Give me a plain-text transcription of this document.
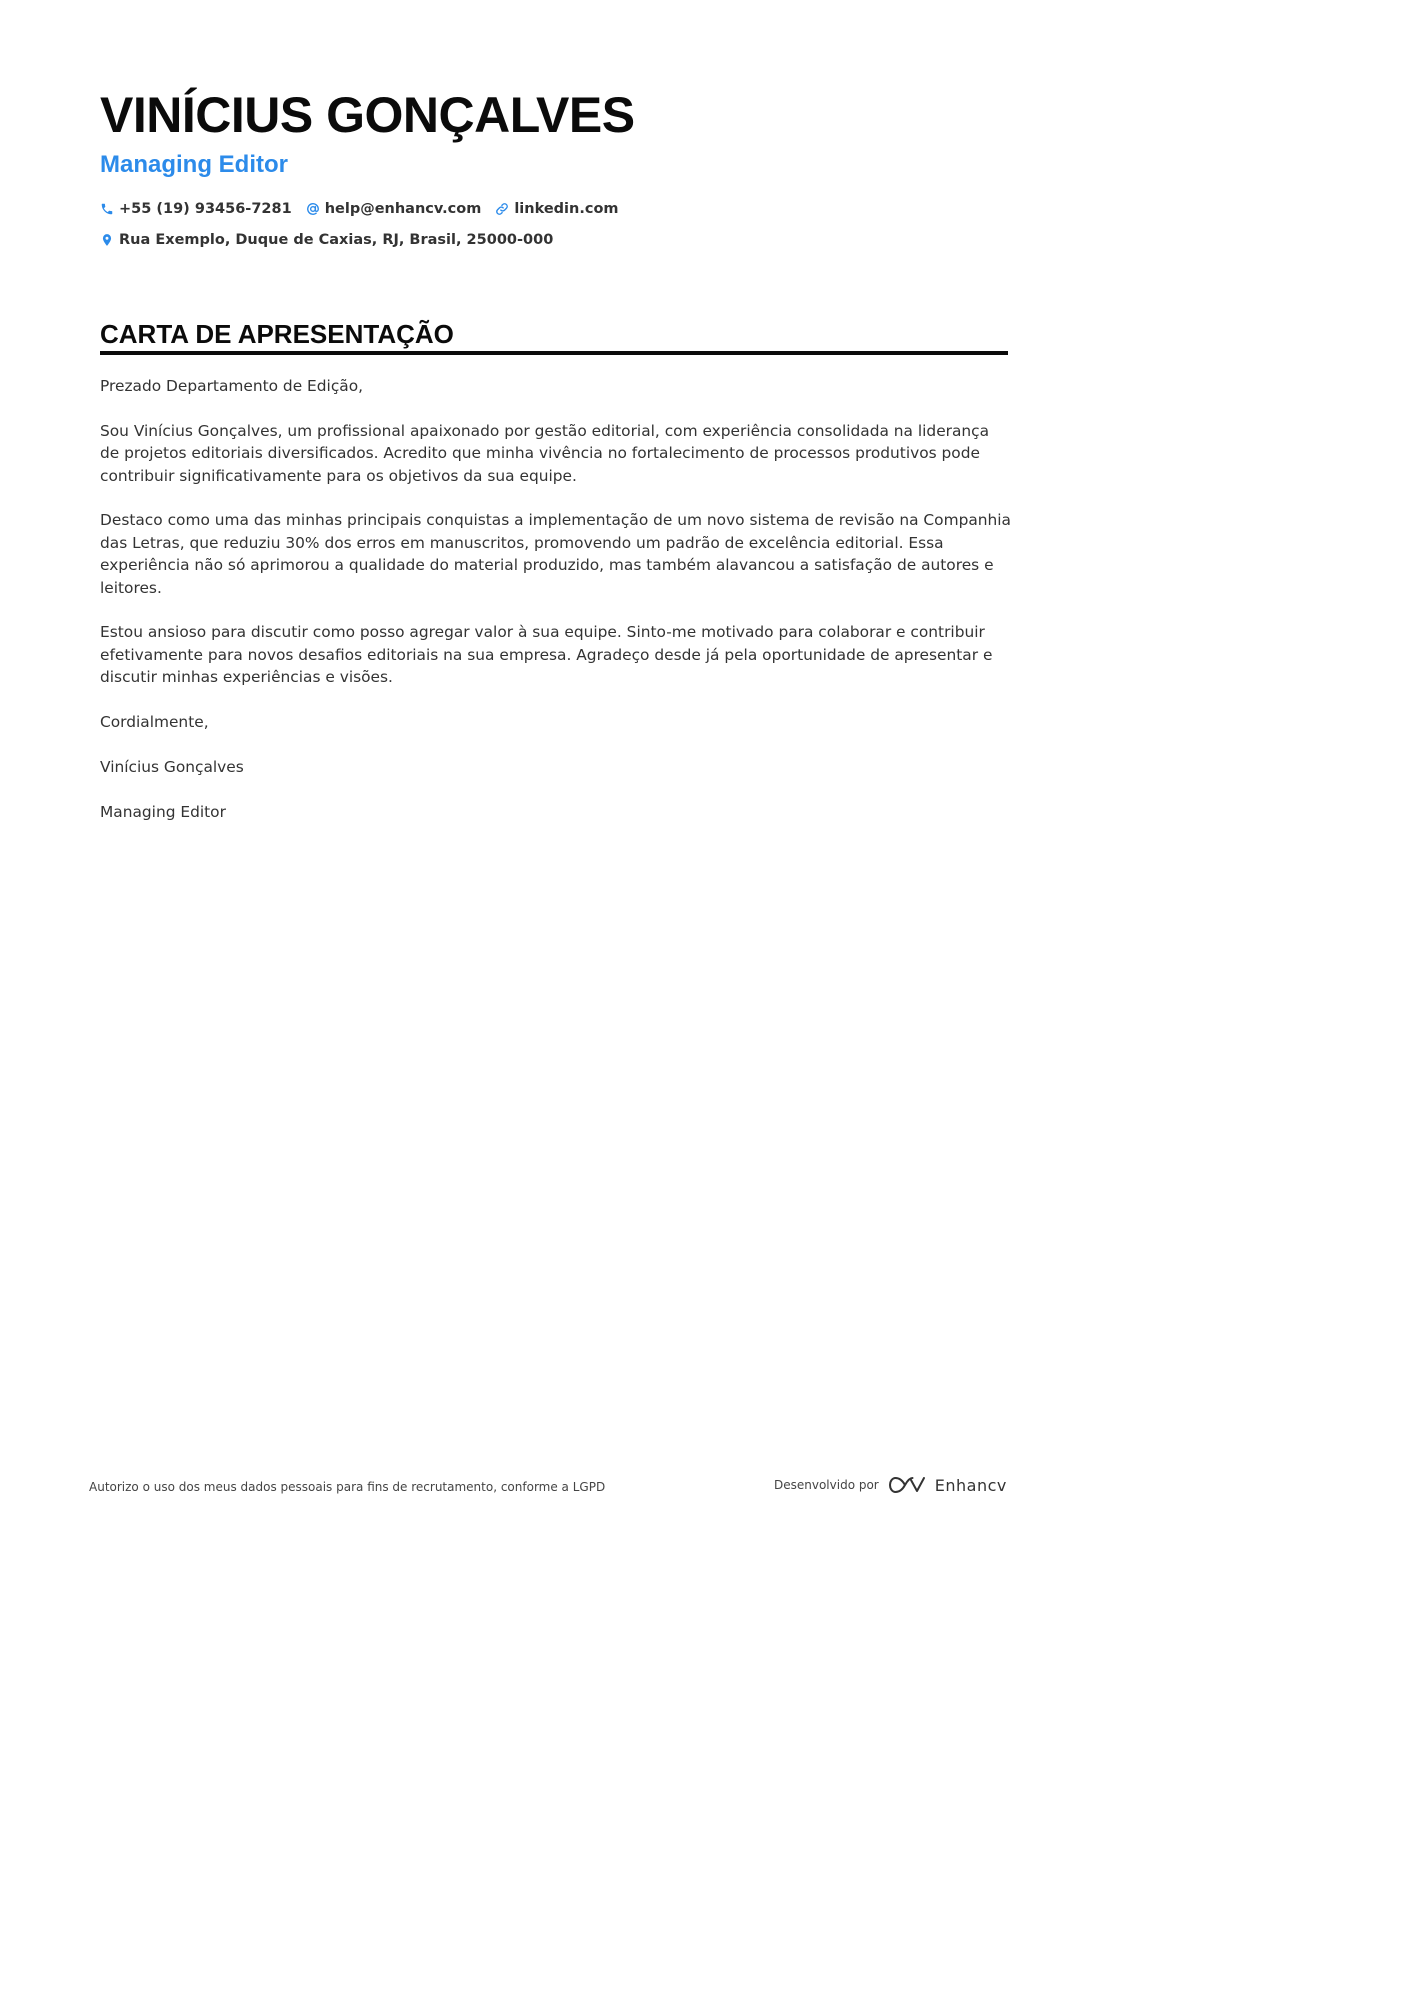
VINÍCIUS GONÇALVES
Managing Editor
+55 (19) 93456-7281 help@enhancv.com linkedin.com
Rua Exemplo, Duque de Caxias, RJ, Brasil, 25000-000
CARTA DE APRESENTAÇÃO

Prezado Departamento de Edição,

Sou Vinícius Gonçalves, um profissional apaixonado por gestão editorial, com experiência consolidada na liderança de projetos editoriais diversificados. Acredito que minha vivência no fortalecimento de processos produtivos pode contribuir significativamente para os objetivos da sua equipe.

Destaco como uma das minhas principais conquistas a implementação de um novo sistema de revisão na Companhia das Letras, que reduziu 30% dos erros em manuscritos, promovendo um padrão de excelência editorial. Essa experiência não só aprimorou a qualidade do material produzido, mas também alavancou a satisfação de autores e leitores.

Estou ansioso para discutir como posso agregar valor à sua equipe. Sinto-me motivado para colaborar e contribuir efetivamente para novos desafios editoriais na sua empresa. Agradeço desde já pela oportunidade de apresentar e discutir minhas experiências e visões.

Cordialmente,

Vinícius Gonçalves

Managing Editor

Autorizo o uso dos meus dados pessoais para fins de recrutamento, conforme a LGPD	Desenvolvido por	Enhancv
